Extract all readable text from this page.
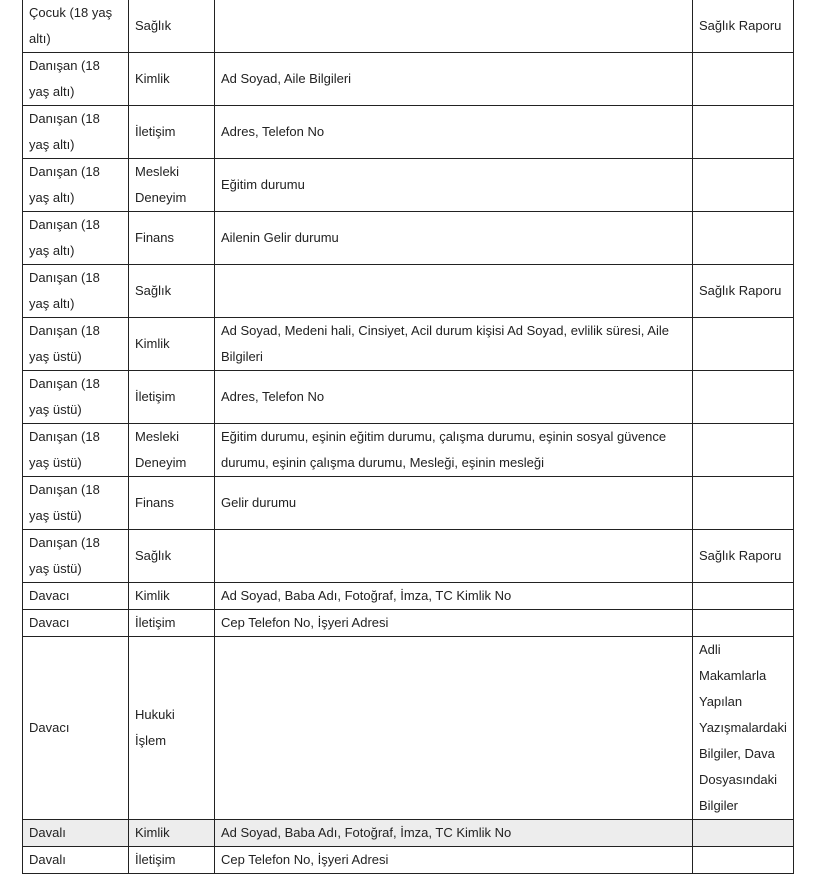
Çocuk (18 yaş altı)	Sağlık		Sağlık Raporu
Danışan (18 yaş altı)	Kimlik	Ad Soyad, Aile Bilgileri	
Danışan (18 yaş altı)	İletişim	Adres, Telefon No	
Danışan (18 yaş altı)	Mesleki Deneyim	Eğitim durumu	
Danışan (18 yaş altı)	Finans	Ailenin Gelir durumu	
Danışan (18 yaş altı)	Sağlık		Sağlık Raporu
Danışan (18 yaş üstü)	Kimlik	Ad Soyad, Medeni hali, Cinsiyet, Acil durum kişisi Ad Soyad, evlilik süresi, Aile Bilgileri	
Danışan (18 yaş üstü)	İletişim	Adres, Telefon No	
Danışan (18 yaş üstü)	Mesleki Deneyim	Eğitim durumu, eşinin eğitim durumu, çalışma durumu, eşinin sosyal güvence durumu, eşinin çalışma durumu, Mesleği, eşinin mesleği	
Danışan (18 yaş üstü)	Finans	Gelir durumu	
Danışan (18 yaş üstü)	Sağlık		Sağlık Raporu
Davacı	Kimlik	Ad Soyad, Baba Adı, Fotoğraf, İmza, TC Kimlik No	
Davacı	İletişim	Cep Telefon No, İşyeri Adresi	
Davacı	Hukuki İşlem		Adli Makamlarla Yapılan Yazışmalardaki Bilgiler, Dava Dosyasındaki Bilgiler
Davalı	Kimlik	Ad Soyad, Baba Adı, Fotoğraf, İmza, TC Kimlik No	
Davalı	İletişim	Cep Telefon No, İşyeri Adresi	
